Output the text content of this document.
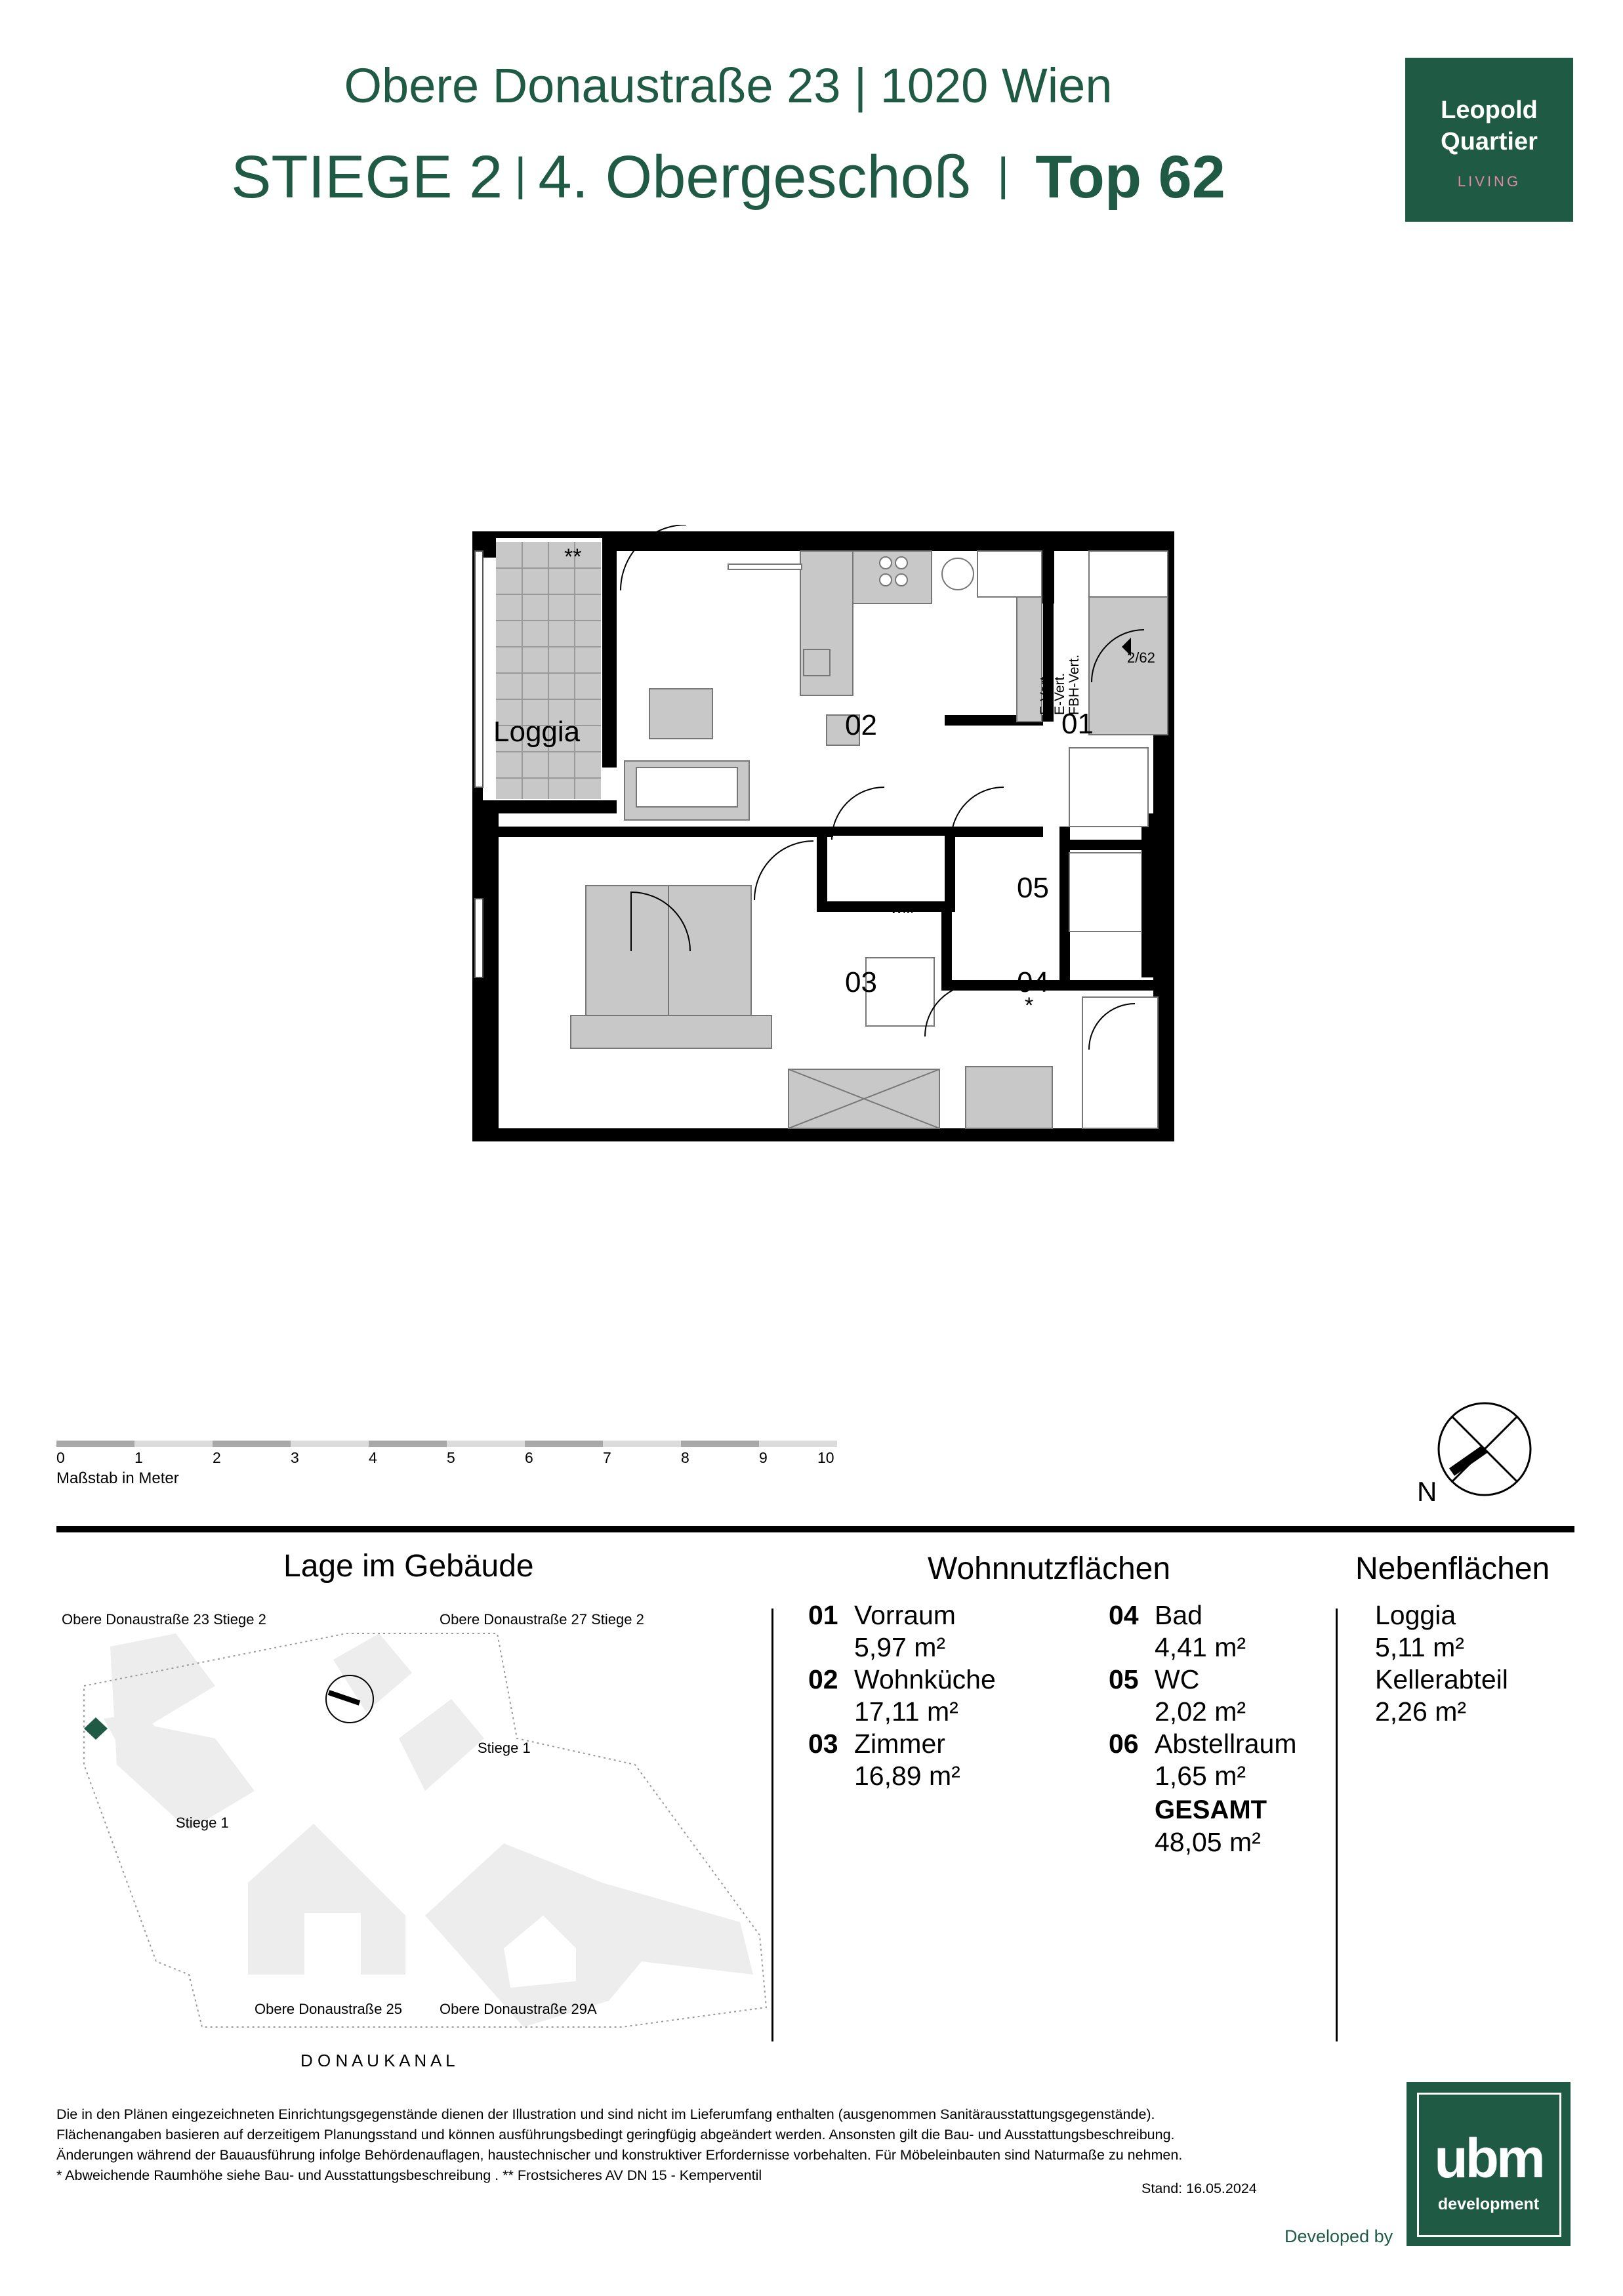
Obere Donaustraße 23 | 1020 Wien
STIEGE 2 | 4. Obergeschoß | Top 62
Leopold
Quartier
LIVING
Loggia
**
02	01
03	04
*
05
2/62
WM
E-Vert. E-Vert. FBH-Vert.
0	1	2	3	4	5	6	7	8	9	10
Maßstab in Meter	N
Lage im Gebäude
Obere Donaustraße 23 Stiege 2	Obere Donaustraße 27 Stiege 2
Stiege 1
Stiege 1
Obere Donaustraße 25	Obere Donaustraße 29A
D O N A U K A N A L
Wohnnutzflächen
01 Vorraum
5,97 m²
02 Wohnküche
17,11 m²
03 Zimmer
16,89 m²
04 Bad
4,41 m²
05 WC
2,02 m²
06 Abstellraum
1,65 m²
GESAMT
48,05 m²
Nebenflächen
Loggia
5,11 m²
Kellerabteil
2,26 m²
Die in den Plänen eingezeichneten Einrichtungsgegenstände dienen der Illustration und sind nicht im Lieferumfang enthalten (ausgenommen Sanitärausstattungsgegenstände).
Flächenangaben basieren auf derzeitigem Planungsstand und können ausführungsbedingt geringfügig abgeändert werden. Ansonsten gilt die Bau- und Ausstattungsbeschreibung.
Änderungen während der Bauausführung infolge Behördenauflagen, haustechnischer und konstruktiver Erfordernisse vorbehalten. Für Möbeleinbauten sind Naturmaße zu nehmen.
* Abweichende Raumhöhe siehe Bau- und Ausstattungsbeschreibung . ** Frostsicheres AV DN 15 - Kemperventil
Stand: 16.05.2024
Developed by
ubm
development
